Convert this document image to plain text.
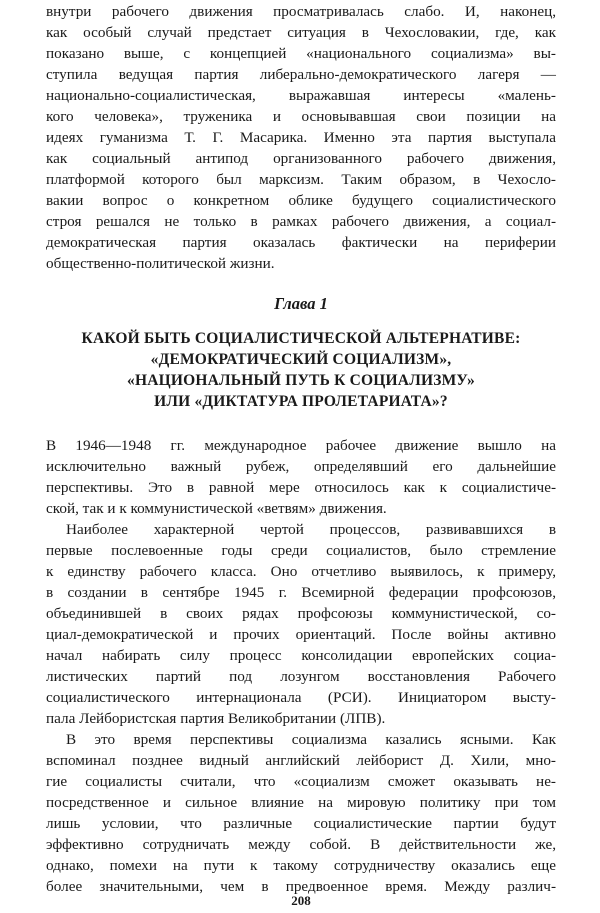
внутри рабочего движения просматривалась слабо. И, наконец,
как особый случай предстает ситуация в Чехословакии, где, как
показано выше, с концепцией «национального социализма» вы-
ступила ведущая партия либерально-демократического лагеря —
национально-социалистическая, выражавшая интересы «малень-
кого человека», труженика и основывавшая свои позиции на
идеях гуманизма Т. Г. Масарика. Именно эта партия выступала
как социальный антипод организованного рабочего движения,
платформой которого был марксизм. Таким образом, в Чехосло-
вакии вопрос о конкретном облике будущего социалистического
строя решался не только в рамках рабочего движения, а социал-
демократическая партия оказалась фактически на периферии
общественно-политической жизни.
Глава 1
КАКОЙ БЫТЬ СОЦИАЛИСТИЧЕСКОЙ АЛЬТЕРНАТИВЕ:
«ДЕМОКРАТИЧЕСКИЙ СОЦИАЛИЗМ»,
«НАЦИОНАЛЬНЫЙ ПУТЬ К СОЦИАЛИЗМУ»
ИЛИ «ДИКТАТУРА ПРОЛЕТАРИАТА»?
В 1946—1948 гг. международное рабочее движение вышло на
исключительно важный рубеж, определявший его дальнейшие
перспективы. Это в равной мере относилось как к социалистиче-
ской, так и к коммунистической «ветвям» движения.
Наиболее характерной чертой процессов, развивавшихся в
первые послевоенные годы среди социалистов, было стремление
к единству рабочего класса. Оно отчетливо выявилось, к примеру,
в создании в сентябре 1945 г. Всемирной федерации профсоюзов,
объединившей в своих рядах профсоюзы коммунистической, со-
циал-демократической и прочих ориентаций. После войны активно
начал набирать силу процесс консолидации европейских социа-
листических партий под лозунгом восстановления Рабочего
социалистического интернационала (РСИ). Инициатором высту-
пала Лейбористская партия Великобритании (ЛПВ).
В это время перспективы социализма казались ясными. Как
вспоминал позднее видный английский лейборист Д. Хили, мно-
гие социалисты считали, что «социализм сможет оказывать не-
посредственное и сильное влияние на мировую политику при том
лишь условии, что различные социалистические партии будут
эффективно сотрудничать между собой. В действительности же,
однако, помехи на пути к такому сотрудничеству оказались еще
более значительными, чем в предвоенное время. Между различ-
208
